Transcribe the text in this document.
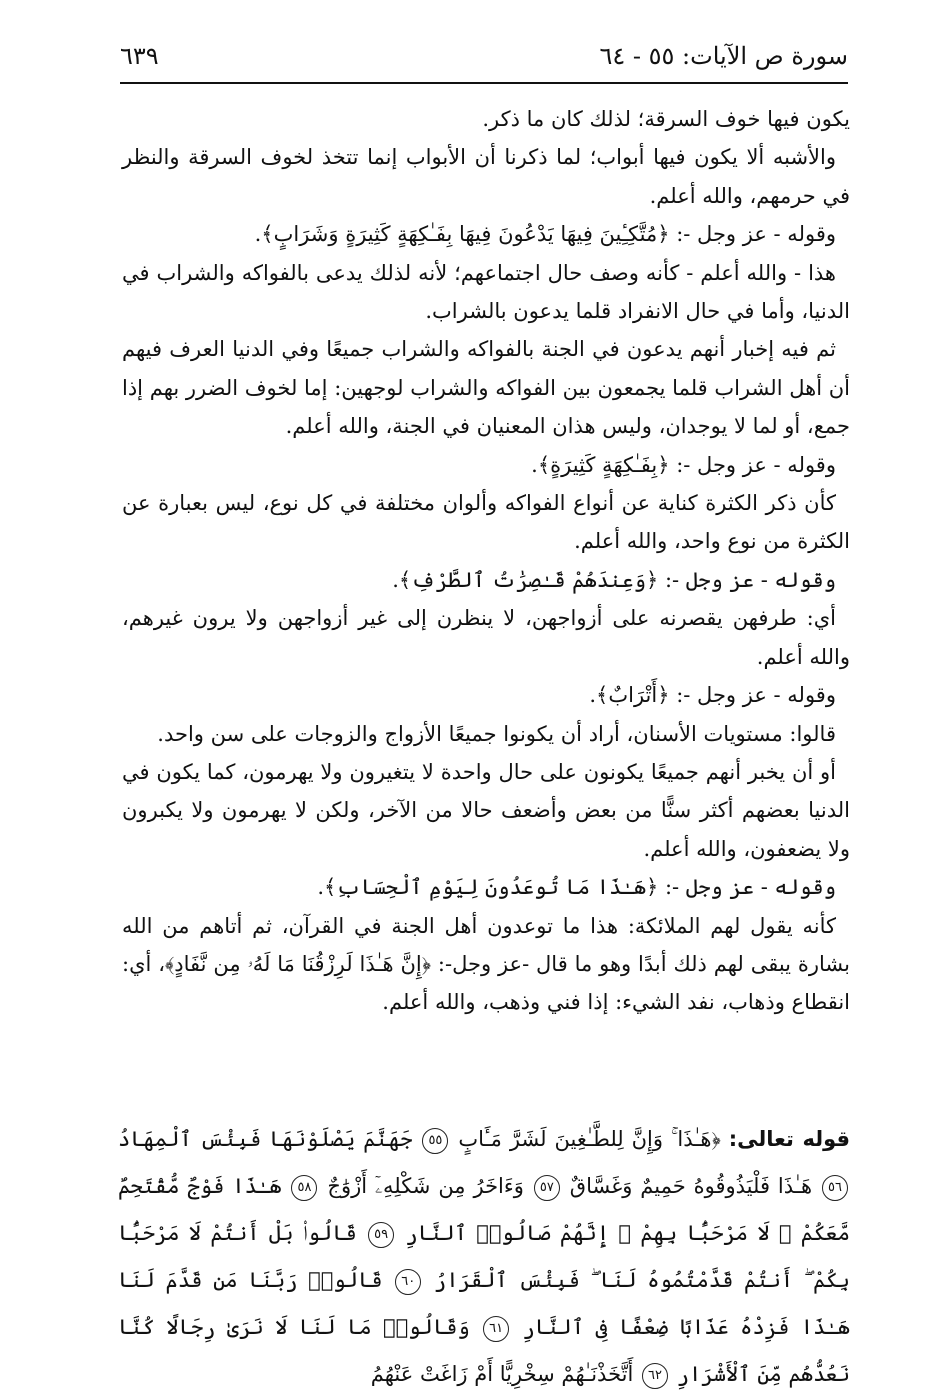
سورة ص الآيات: ٥٥ - ٦٤
٦٣٩

يكون فيها خوف السرقة؛ لذلك كان ما ذكر.

والأشبه ألا يكون فيها أبواب؛ لما ذكرنا أن الأبواب إنما تتخذ لخوف السرقة والنظر في حرمهم، والله أعلم.

وقوله - عز وجل -: ﴿مُتَّكِـِٔينَ فِيهَا يَدْعُونَ فِيهَا بِفَـٰكِهَةٍ كَثِيرَةٍ وَشَرَابٍ﴾.

هذا - والله أعلم - كأنه وصف حال اجتماعهم؛ لأنه لذلك يدعى بالفواكه والشراب في الدنيا، وأما في حال الانفراد قلما يدعون بالشراب.

ثم فيه إخبار أنهم يدعون في الجنة بالفواكه والشراب جميعًا وفي الدنيا العرف فيهم أن أهل الشراب قلما يجمعون بين الفواكه والشراب لوجهين: إما لخوف الضرر بهم إذا جمع، أو لما لا يوجدان، وليس هذان المعنيان في الجنة، والله أعلم.

وقوله - عز وجل -: ﴿بِفَـٰكِهَةٍ كَثِيرَةٍ﴾.

كأن ذكر الكثرة كناية عن أنواع الفواكه وألوان مختلفة في كل نوع، ليس بعبارة عن الكثرة من نوع واحد، والله أعلم.

وقوله - عز وجل -: ﴿وَعِندَهُمْ قَـٰصِرَٰتُ ٱلطَّرْفِ﴾.

أي: طرفهن يقصرنه على أزواجهن، لا ينظرن إلى غير أزواجهن ولا يرون غيرهم، والله أعلم.

وقوله - عز وجل -: ﴿أَتْرَابٌ﴾.

قالوا: مستويات الأسنان، أراد أن يكونوا جميعًا الأزواج والزوجات على سن واحد.

أو أن يخبر أنهم جميعًا يكونون على حال واحدة لا يتغيرون ولا يهرمون، كما يكون في الدنيا بعضهم أكثر سنًّا من بعض وأضعف حالا من الآخر، ولكن لا يهرمون ولا يكبرون ولا يضعفون، والله أعلم.

وقوله - عز وجل -: ﴿هَـٰذَا مَا تُوعَدُونَ لِيَوْمِ ٱلْحِسَابِ﴾.

كأنه يقول لهم الملائكة: هذا ما توعدون أهل الجنة في القرآن، ثم أتاهم من الله بشارة يبقى لهم ذلك أبدًا وهو ما قال -عز وجل-: ﴿إِنَّ هَـٰذَا لَرِزْقُنَا مَا لَهُۥ مِن نَّفَادٍ﴾، أي: انقطاع وذهاب، نفد الشيء: إذا فني وذهب، والله أعلم.

قوله تعالى: ﴿هَـٰذَا ۚ وَإِنَّ لِلطَّـٰغِينَ لَشَرَّ مَـَٔابٍ ٥٥ جَهَنَّمَ يَصْلَوْنَهَا فَبِئْسَ ٱلْمِهَادُ ٥٦ هَـٰذَا فَلْيَذُوقُوهُ حَمِيمٌ وَغَسَّاقٌ ٥٧ وَءَاخَرُ مِن شَكْلِهِۦٓ أَزْوَٰجٌ ٥٨ هَـٰذَا فَوْجٌ مُّقْتَحِمٌ مَّعَكُمْ ۖ لَا مَرْحَبًۢا بِهِمْ ۚ إِنَّهُمْ صَالُوا۟ ٱلنَّارِ ٥٩ قَالُوا۟ بَلْ أَنتُمْ لَا مَرْحَبًۢا بِكُمْ ۖ أَنتُمْ قَدَّمْتُمُوهُ لَنَا ۖ فَبِئْسَ ٱلْقَرَارُ ٦٠ قَالُوا۟ رَبَّنَا مَن قَدَّمَ لَنَا هَـٰذَا فَزِدْهُ عَذَابًا ضِعْفًا فِى ٱلنَّارِ ٦١ وَقَالُوا۟ مَا لَنَا لَا نَرَىٰ رِجَالًا كُنَّا نَعُدُّهُم مِّنَ ٱلْأَشْرَارِ ٦٢ أَتَّخَذْنَـٰهُمْ سِخْرِيًّا أَمْ زَاغَتْ عَنْهُمُ
